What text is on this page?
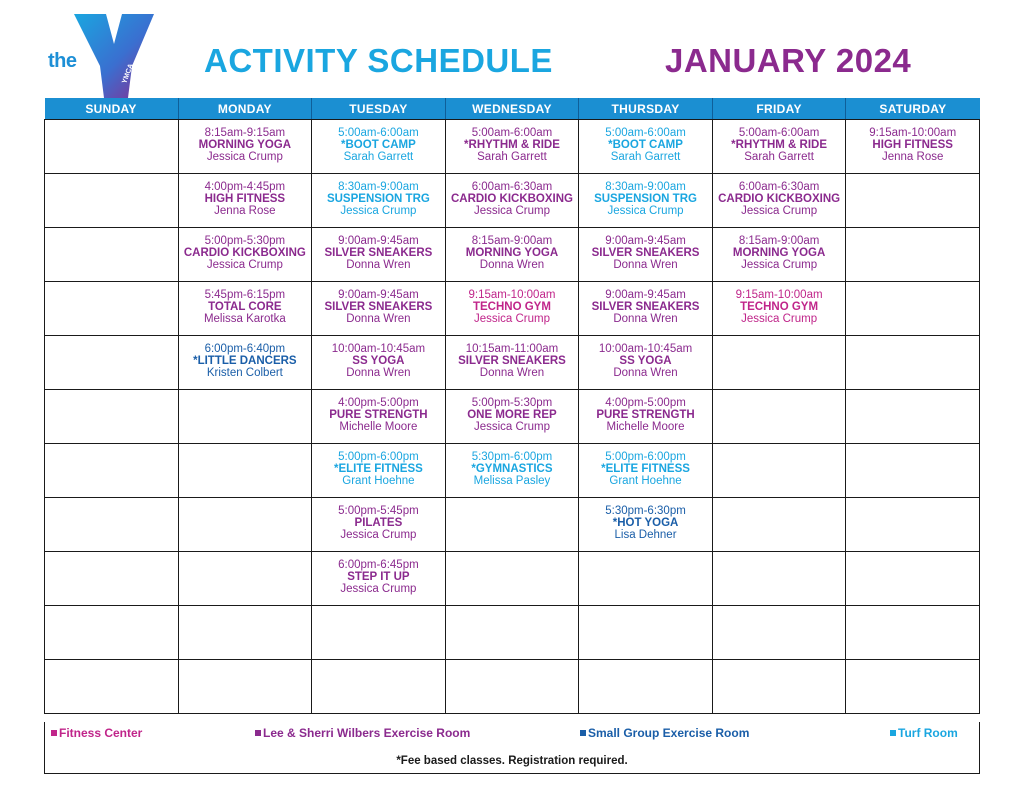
the
YMCA ACTIVITY SCHEDULE	JANUARY 2024
SUNDAY	MONDAY	TUESDAY	WEDNESDAY	THURSDAY	FRIDAY	SATURDAY

	8:15am-9:15am
MORNING YOGA
Jessica Crump	5:00am-6:00am
*BOOT CAMP
Sarah Garrett	5:00am-6:00am
*RHYTHM & RIDE
Sarah Garrett	5:00am-6:00am
*BOOT CAMP
Sarah Garrett	5:00am-6:00am
*RHYTHM & RIDE
Sarah Garrett	9:15am-10:00am
HIGH FITNESS
Jenna Rose

	4:00pm-4:45pm
HIGH FITNESS
Jenna Rose	8:30am-9:00am
SUSPENSION TRG
Jessica Crump	6:00am-6:30am
CARDIO KICKBOXING
Jessica Crump	8:30am-9:00am
SUSPENSION TRG
Jessica Crump	6:00am-6:30am
CARDIO KICKBOXING
Jessica Crump	

	5:00pm-5:30pm
CARDIO KICKBOXING
Jessica Crump	9:00am-9:45am
SILVER SNEAKERS
Donna Wren	8:15am-9:00am
MORNING YOGA
Donna Wren	9:00am-9:45am
SILVER SNEAKERS
Donna Wren	8:15am-9:00am
MORNING YOGA
Jessica Crump	

	5:45pm-6:15pm
TOTAL CORE
Melissa Karotka	9:00am-9:45am
SILVER SNEAKERS
Donna Wren	9:15am-10:00am
TECHNO GYM
Jessica Crump	9:00am-9:45am
SILVER SNEAKERS
Donna Wren	9:15am-10:00am
TECHNO GYM
Jessica Crump	

	6:00pm-6:40pm
*LITTLE DANCERS
Kristen Colbert	10:00am-10:45am
SS YOGA
Donna Wren	10:15am-11:00am
SILVER SNEAKERS
Donna Wren	10:00am-10:45am
SS YOGA
Donna Wren		

		4:00pm-5:00pm
PURE STRENGTH
Michelle Moore	5:00pm-5:30pm
ONE MORE REP
Jessica Crump	4:00pm-5:00pm
PURE STRENGTH
Michelle Moore		

		5:00pm-6:00pm
*ELITE FITNESS
Grant Hoehne	5:30pm-6:00pm
*GYMNASTICS
Melissa Pasley	5:00pm-6:00pm
*ELITE FITNESS
Grant Hoehne		

		5:00pm-5:45pm
PILATES
Jessica Crump		5:30pm-6:30pm
*HOT YOGA
Lisa Dehner		

		6:00pm-6:45pm
STEP IT UP
Jessica Crump				

Fitness Center	Lee & Sherri Wilbers Exercise Room	Small Group Exercise Room	Turf Room
*Fee based classes. Registration required.
